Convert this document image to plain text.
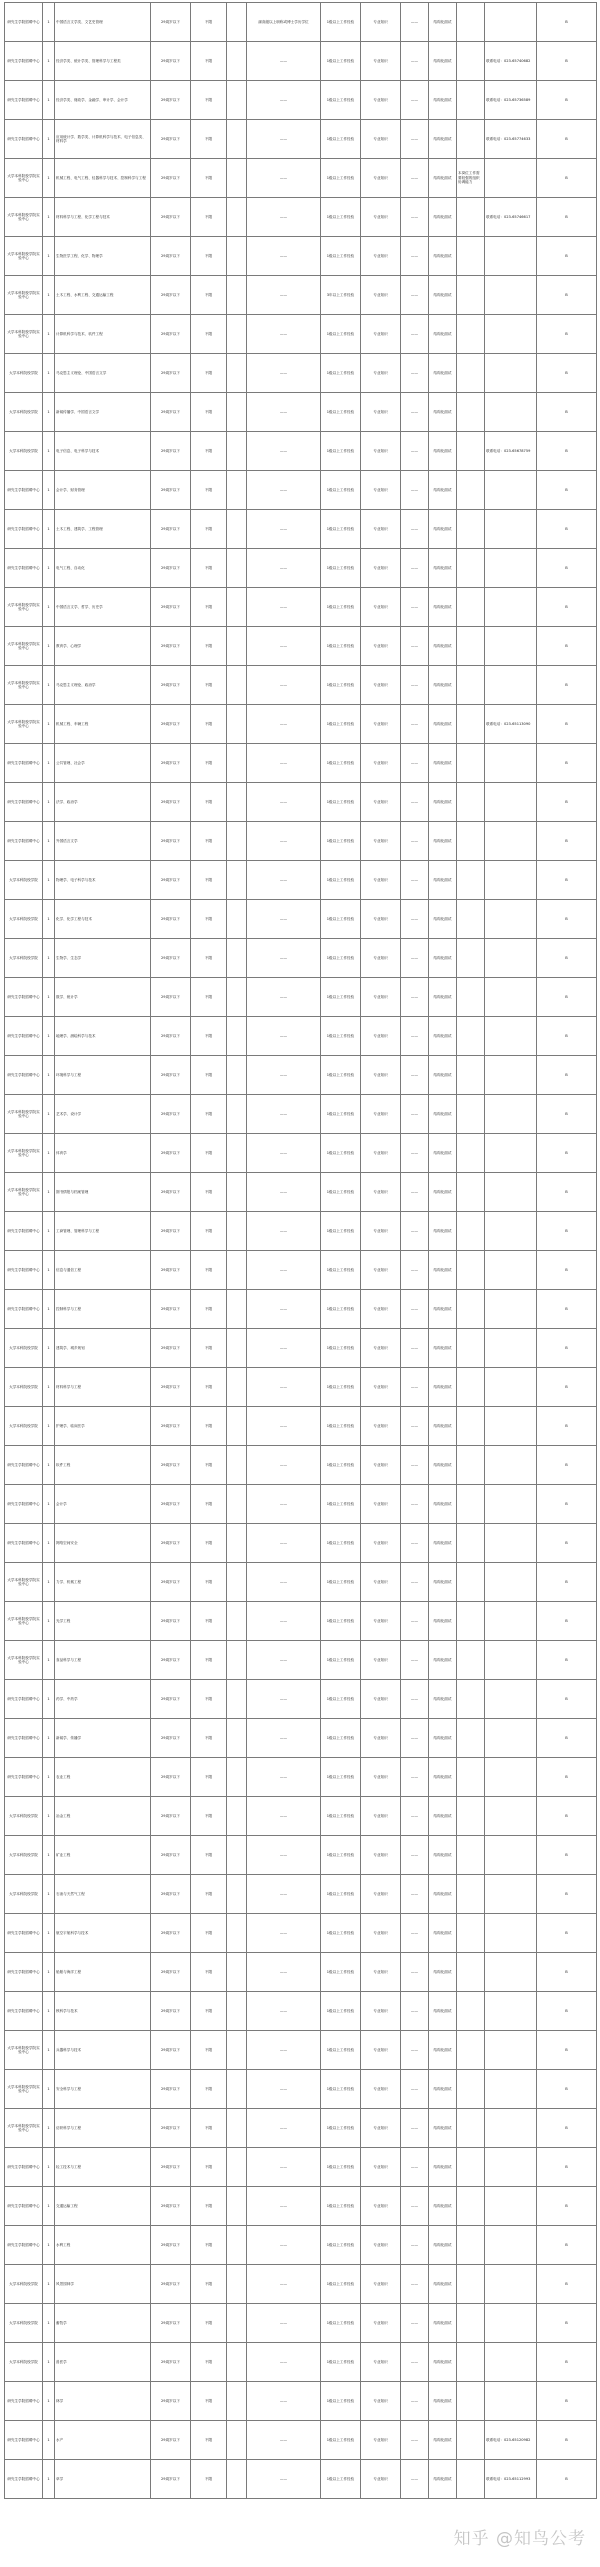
研究生学院招聘中心	1	中国语言文学类、文艺史管理	29周岁以下	不限		副高级以上职称或博士学历学位	1级以上工作经验	专业知识	——	结构化面试			B
研究生学院招聘中心	1	经济学类、统计学类、管理科学与工程类	29周岁以下	不限		——	1级以上工作经验	专业知识	——	结构化面试		联系电话：023-65740682	B
研究生学院招聘中心	1	经济学类、财政学、金融学、审计学、会计学	29周岁以下	不限		——	1级以上工作经验	专业知识	——	结构化面试		联系电话：023-65736589	B
研究生学院招聘中心	1	应用统计学、数学类、计算机科学与技术、电子信息类、材料学	29周岁以下	不限		——	1级以上工作经验	专业知识	——	结构化面试		联系电话：023-65774633	B
大学本科院校学院实验中心	1	机械工程、电气工程、仪器科学与技术、控制科学与工程	29周岁以下	不限		——	1级以上工作经验	专业知识	——	结构化面试	本岗位工作需要较强的组织协调能力		B
大学本科院校学院实验中心	1	材料科学与工程、化学工程与技术	29周岁以下	不限		——	1级以上工作经验	专业知识	——	结构化面试		联系电话：023-65746617	B
大学本科院校学院实验中心	1	生物医学工程、化学、物理学	29周岁以下	不限		——	1级以上工作经验	专业知识	——	结构化面试			B
大学本科院校学院实验中心	1	土木工程、水利工程、交通运输工程	29周岁以下	不限		——	3年以上工作经验	专业知识	——	结构化面试			B
大学本科院校学院实验中心	1	计算机科学与技术、软件工程	29周岁以下	不限		——	1级以上工作经验	专业知识	——	结构化面试			B
大学本科院校学院	1	马克思主义理论、中国语言文学	29周岁以下	不限		——	1级以上工作经验	专业知识	——	结构化面试			B
大学本科院校学院	1	新闻传播学、中国语言文学	29周岁以下	不限		——	1级以上工作经验	专业知识	——	结构化面试			B
大学本科院校学院	1	电子信息、电子科学与技术	29周岁以下	不限		——	1级以上工作经验	专业知识	——	结构化面试		联系电话：023-65678759	B
研究生学院招聘中心	1	会计学、财务管理	29周岁以下	不限		——	1级以上工作经验	专业知识	——	结构化面试			B
研究生学院招聘中心	1	土木工程、建筑学、工程管理	29周岁以下	不限		——	1级以上工作经验	专业知识	——	结构化面试			B
研究生学院招聘中心	1	电气工程、自动化	29周岁以下	不限		——	1级以上工作经验	专业知识	——	结构化面试			B
大学本科院校学院实验中心	1	中国语言文学、哲学、历史学	29周岁以下	不限		——	1级以上工作经验	专业知识	——	结构化面试			B
大学本科院校学院实验中心	1	教育学、心理学	29周岁以下	不限		——	1级以上工作经验	专业知识	——	结构化面试			B
大学本科院校学院实验中心	1	马克思主义理论、政治学	29周岁以下	不限		——	1级以上工作经验	专业知识	——	结构化面试			B
大学本科院校学院实验中心	1	机械工程、车辆工程	29周岁以下	不限		——	1级以上工作经验	专业知识	——	结构化面试		联系电话：023-65113090	B
研究生学院招聘中心	1	公共管理、社会学	29周岁以下	不限		——	1级以上工作经验	专业知识	——	结构化面试			B
研究生学院招聘中心	1	法学、政治学	29周岁以下	不限		——	1级以上工作经验	专业知识	——	结构化面试			B
研究生学院招聘中心	1	外国语言文学	29周岁以下	不限		——	1级以上工作经验	专业知识	——	结构化面试			B
大学本科院校学院	1	物理学、电子科学与技术	29周岁以下	不限		——	1级以上工作经验	专业知识	——	结构化面试			B
大学本科院校学院	1	化学、化学工程与技术	29周岁以下	不限		——	1级以上工作经验	专业知识	——	结构化面试			B
大学本科院校学院	1	生物学、生态学	29周岁以下	不限		——	1级以上工作经验	专业知识	——	结构化面试			B
研究生学院招聘中心	1	数学、统计学	29周岁以下	不限		——	1级以上工作经验	专业知识	——	结构化面试			B
研究生学院招聘中心	1	地理学、测绘科学与技术	29周岁以下	不限		——	1级以上工作经验	专业知识	——	结构化面试			B
研究生学院招聘中心	1	环境科学与工程	29周岁以下	不限		——	1级以上工作经验	专业知识	——	结构化面试			B
大学本科院校学院实验中心	1	艺术学、设计学	29周岁以下	不限		——	1级以上工作经验	专业知识	——	结构化面试			B
大学本科院校学院实验中心	1	体育学	29周岁以下	不限		——	1级以上工作经验	专业知识	——	结构化面试			B
大学本科院校学院实验中心	1	图书情报与档案管理	29周岁以下	不限		——	1级以上工作经验	专业知识	——	结构化面试			B
研究生学院招聘中心	1	工商管理、管理科学与工程	29周岁以下	不限		——	1级以上工作经验	专业知识	——	结构化面试			B
研究生学院招聘中心	1	信息与通信工程	29周岁以下	不限		——	1级以上工作经验	专业知识	——	结构化面试			B
研究生学院招聘中心	1	控制科学与工程	29周岁以下	不限		——	1级以上工作经验	专业知识	——	结构化面试			B
大学本科院校学院	1	建筑学、城乡规划	29周岁以下	不限		——	1级以上工作经验	专业知识	——	结构化面试			B
大学本科院校学院	1	材料科学与工程	29周岁以下	不限		——	1级以上工作经验	专业知识	——	结构化面试			B
大学本科院校学院	1	护理学、临床医学	29周岁以下	不限		——	1级以上工作经验	专业知识	——	结构化面试			B
研究生学院招聘中心	1	软件工程	29周岁以下	不限		——	1级以上工作经验	专业知识	——	结构化面试			B
研究生学院招聘中心	1	会计学	29周岁以下	不限		——	1级以上工作经验	专业知识	——	结构化面试			B
研究生学院招聘中心	1	网络空间安全	29周岁以下	不限		——	1级以上工作经验	专业知识	——	结构化面试			B
大学本科院校学院实验中心	1	力学、机械工程	29周岁以下	不限		——	1级以上工作经验	专业知识	——	结构化面试			B
大学本科院校学院实验中心	1	光学工程	29周岁以下	不限		——	1级以上工作经验	专业知识	——	结构化面试			B
大学本科院校学院实验中心	1	食品科学与工程	29周岁以下	不限		——	1级以上工作经验	专业知识	——	结构化面试			B
研究生学院招聘中心	1	药学、中药学	29周岁以下	不限		——	1级以上工作经验	专业知识	——	结构化面试			B
研究生学院招聘中心	1	新闻学、传播学	29周岁以下	不限		——	1级以上工作经验	专业知识	——	结构化面试			B
研究生学院招聘中心	1	农业工程	29周岁以下	不限		——	1级以上工作经验	专业知识	——	结构化面试			B
大学本科院校学院	1	冶金工程	29周岁以下	不限		——	1级以上工作经验	专业知识	——	结构化面试			B
大学本科院校学院	1	矿业工程	29周岁以下	不限		——	1级以上工作经验	专业知识	——	结构化面试			B
大学本科院校学院	1	石油与天然气工程	29周岁以下	不限		——	1级以上工作经验	专业知识	——	结构化面试			B
研究生学院招聘中心	1	航空宇航科学与技术	29周岁以下	不限		——	1级以上工作经验	专业知识	——	结构化面试			B
研究生学院招聘中心	1	船舶与海洋工程	29周岁以下	不限		——	1级以上工作经验	专业知识	——	结构化面试			B
研究生学院招聘中心	1	核科学与技术	29周岁以下	不限		——	1级以上工作经验	专业知识	——	结构化面试			B
大学本科院校学院实验中心	1	兵器科学与技术	29周岁以下	不限		——	1级以上工作经验	专业知识	——	结构化面试			B
大学本科院校学院实验中心	1	安全科学与工程	29周岁以下	不限		——	1级以上工作经验	专业知识	——	结构化面试			B
大学本科院校学院实验中心	1	纺织科学与工程	29周岁以下	不限		——	1级以上工作经验	专业知识	——	结构化面试			B
研究生学院招聘中心	1	轻工技术与工程	29周岁以下	不限		——	1级以上工作经验	专业知识	——	结构化面试			B
研究生学院招聘中心	1	交通运输工程	29周岁以下	不限		——	1级以上工作经验	专业知识	——	结构化面试			B
研究生学院招聘中心	1	水利工程	29周岁以下	不限		——	1级以上工作经验	专业知识	——	结构化面试			B
大学本科院校学院	1	风景园林学	29周岁以下	不限		——	1级以上工作经验	专业知识	——	结构化面试			B
大学本科院校学院	1	畜牧学	29周岁以下	不限		——	1级以上工作经验	专业知识	——	结构化面试			B
大学本科院校学院	1	兽医学	29周岁以下	不限		——	1级以上工作经验	专业知识	——	结构化面试			B
研究生学院招聘中心	1	林学	29周岁以下	不限		——	1级以上工作经验	专业知识	——	结构化面试			B
研究生学院招聘中心	1	水产	29周岁以下	不限		——	1级以上工作经验	专业知识	——	结构化面试		联系电话：023-65120982	B
研究生学院招聘中心	1	草学	29周岁以下	不限		——	1级以上工作经验	专业知识	——	结构化面试		联系电话：023-65112993	B
知乎 @知鸟公考
